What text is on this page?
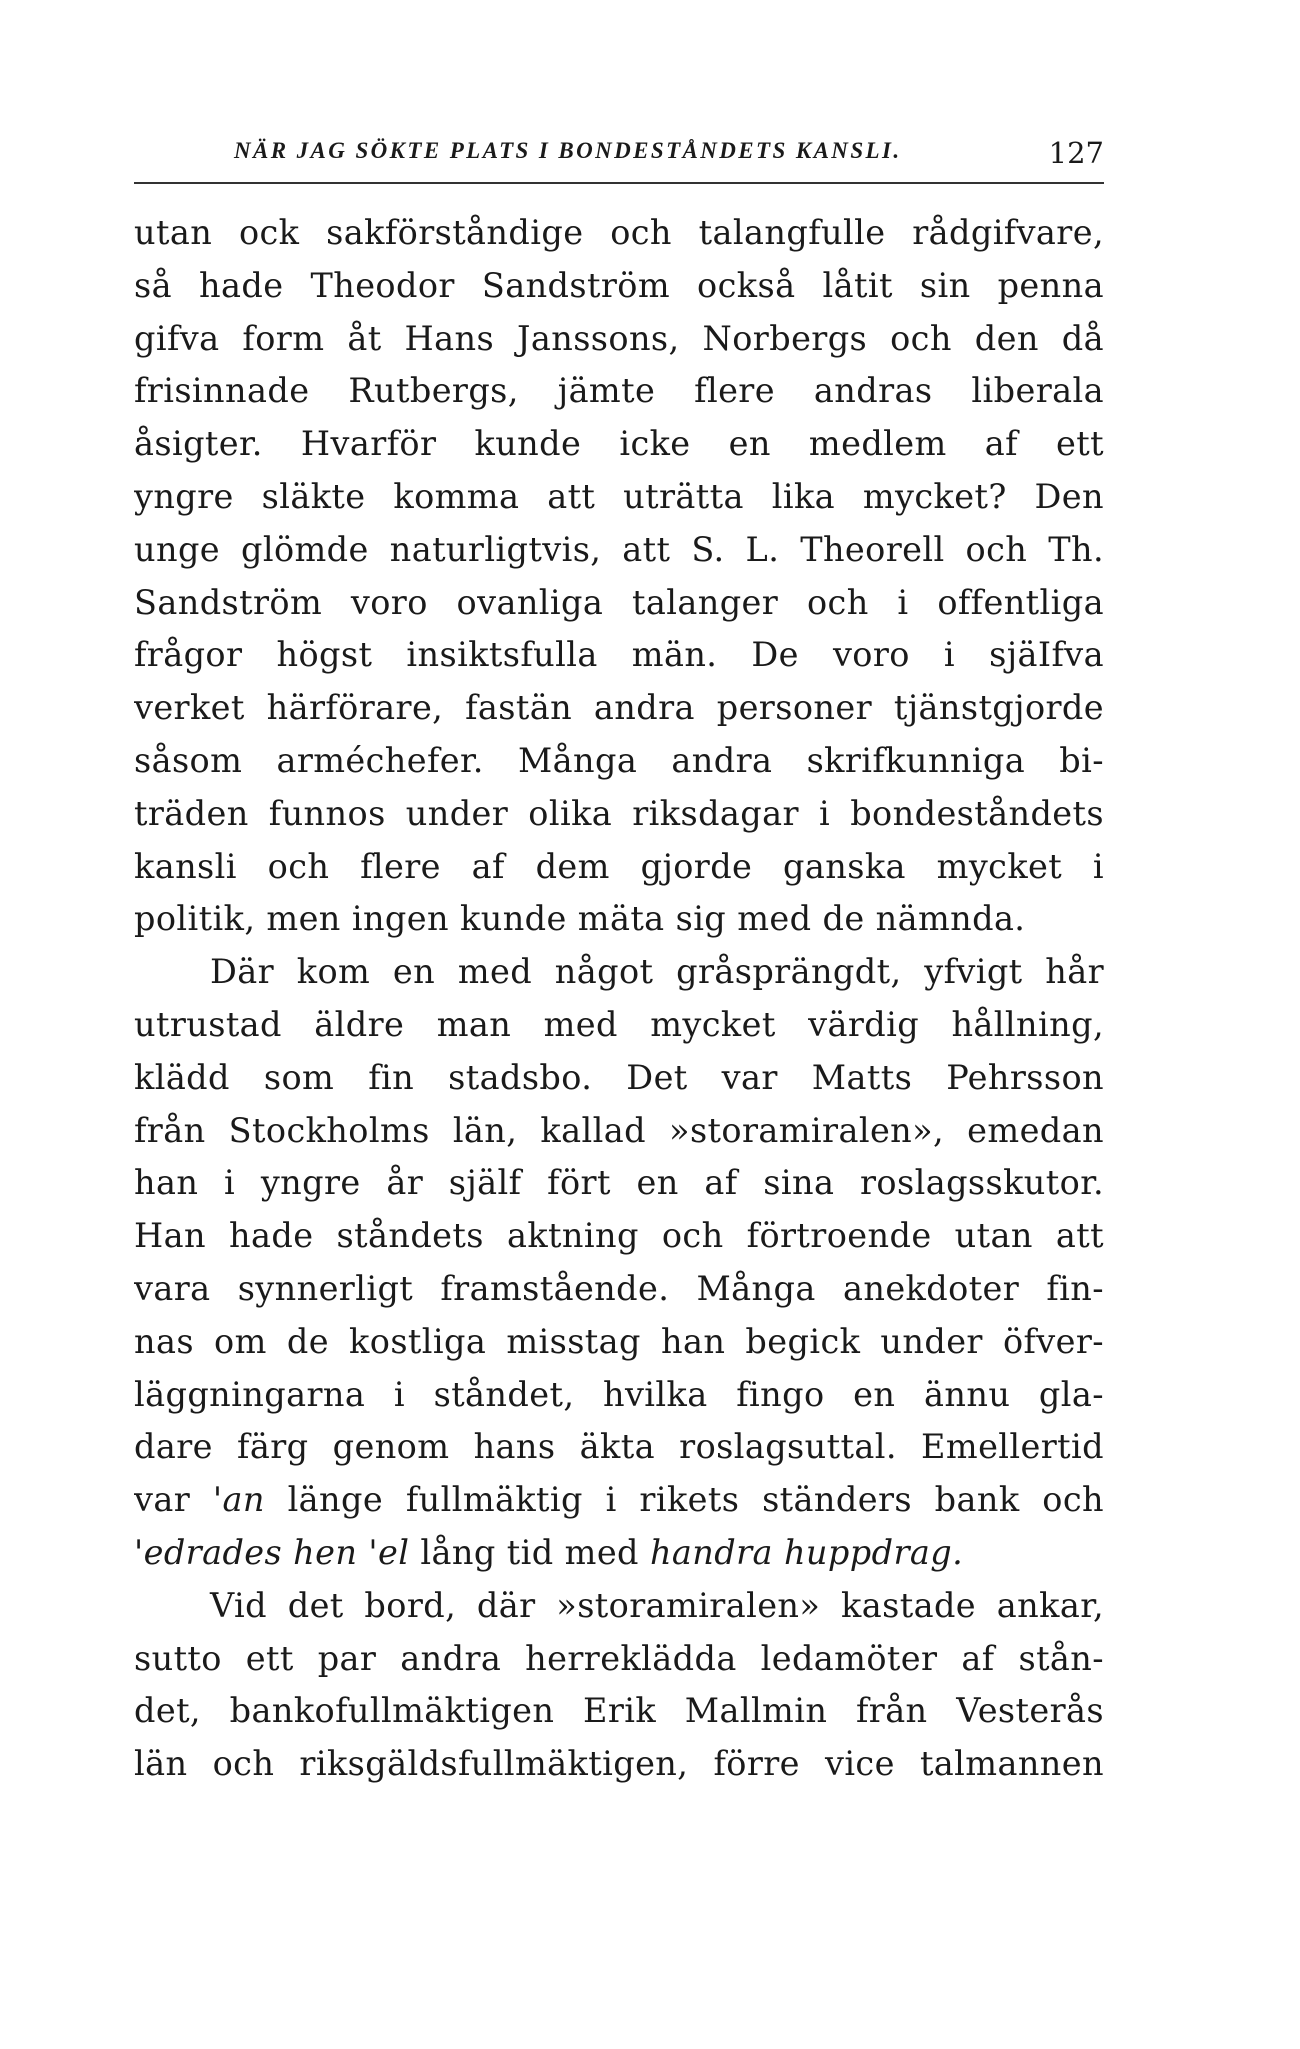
NÄR JAG SÖKTE PLATS I BONDESTÅNDETS KANSLI.	127
utan ock sakförståndige och talangfulle rådgifvare,
så hade Theodor Sandström också låtit sin penna
gifva form åt Hans Janssons, Norbergs och den då
frisinnade Rutbergs, jämte flere andras liberala
åsigter. Hvarför kunde icke en medlem af ett
yngre släkte komma att uträtta lika mycket? Den
unge glömde naturligtvis, att S. L. Theorell och Th.
Sandström voro ovanliga talanger och i offentliga
frågor högst insiktsfulla män. De voro i sjäIfva
verket härförare, fastän andra personer tjänstgjorde
såsom arméchefer. Många andra skrifkunniga bi-
träden funnos under olika riksdagar i bondeståndets
kansli och flere af dem gjorde ganska mycket i
politik, men ingen kunde mäta sig med de nämnda.
Där kom en med något gråsprängdt, yfvigt hår
utrustad äldre man med mycket värdig hållning,
klädd som fin stadsbo. Det var Matts Pehrsson
från Stockholms län, kallad »storamiralen», emedan
han i yngre år själf fört en af sina roslagsskutor.
Han hade ståndets aktning och förtroende utan att
vara synnerligt framstående. Många anekdoter fin-
nas om de kostliga misstag han begick under öfver-
läggningarna i ståndet, hvilka fingo en ännu gla-
dare färg genom hans äkta roslagsuttal. Emellertid
var 'an länge fullmäktig i rikets ständers bank och
'edrades hen 'el lång tid med handra huppdrag.
Vid det bord, där »storamiralen» kastade ankar,
sutto ett par andra herreklädda ledamöter af stån-
det, bankofullmäktigen Erik Mallmin från Vesterås
län och riksgäldsfullmäktigen, förre vice talmannen
